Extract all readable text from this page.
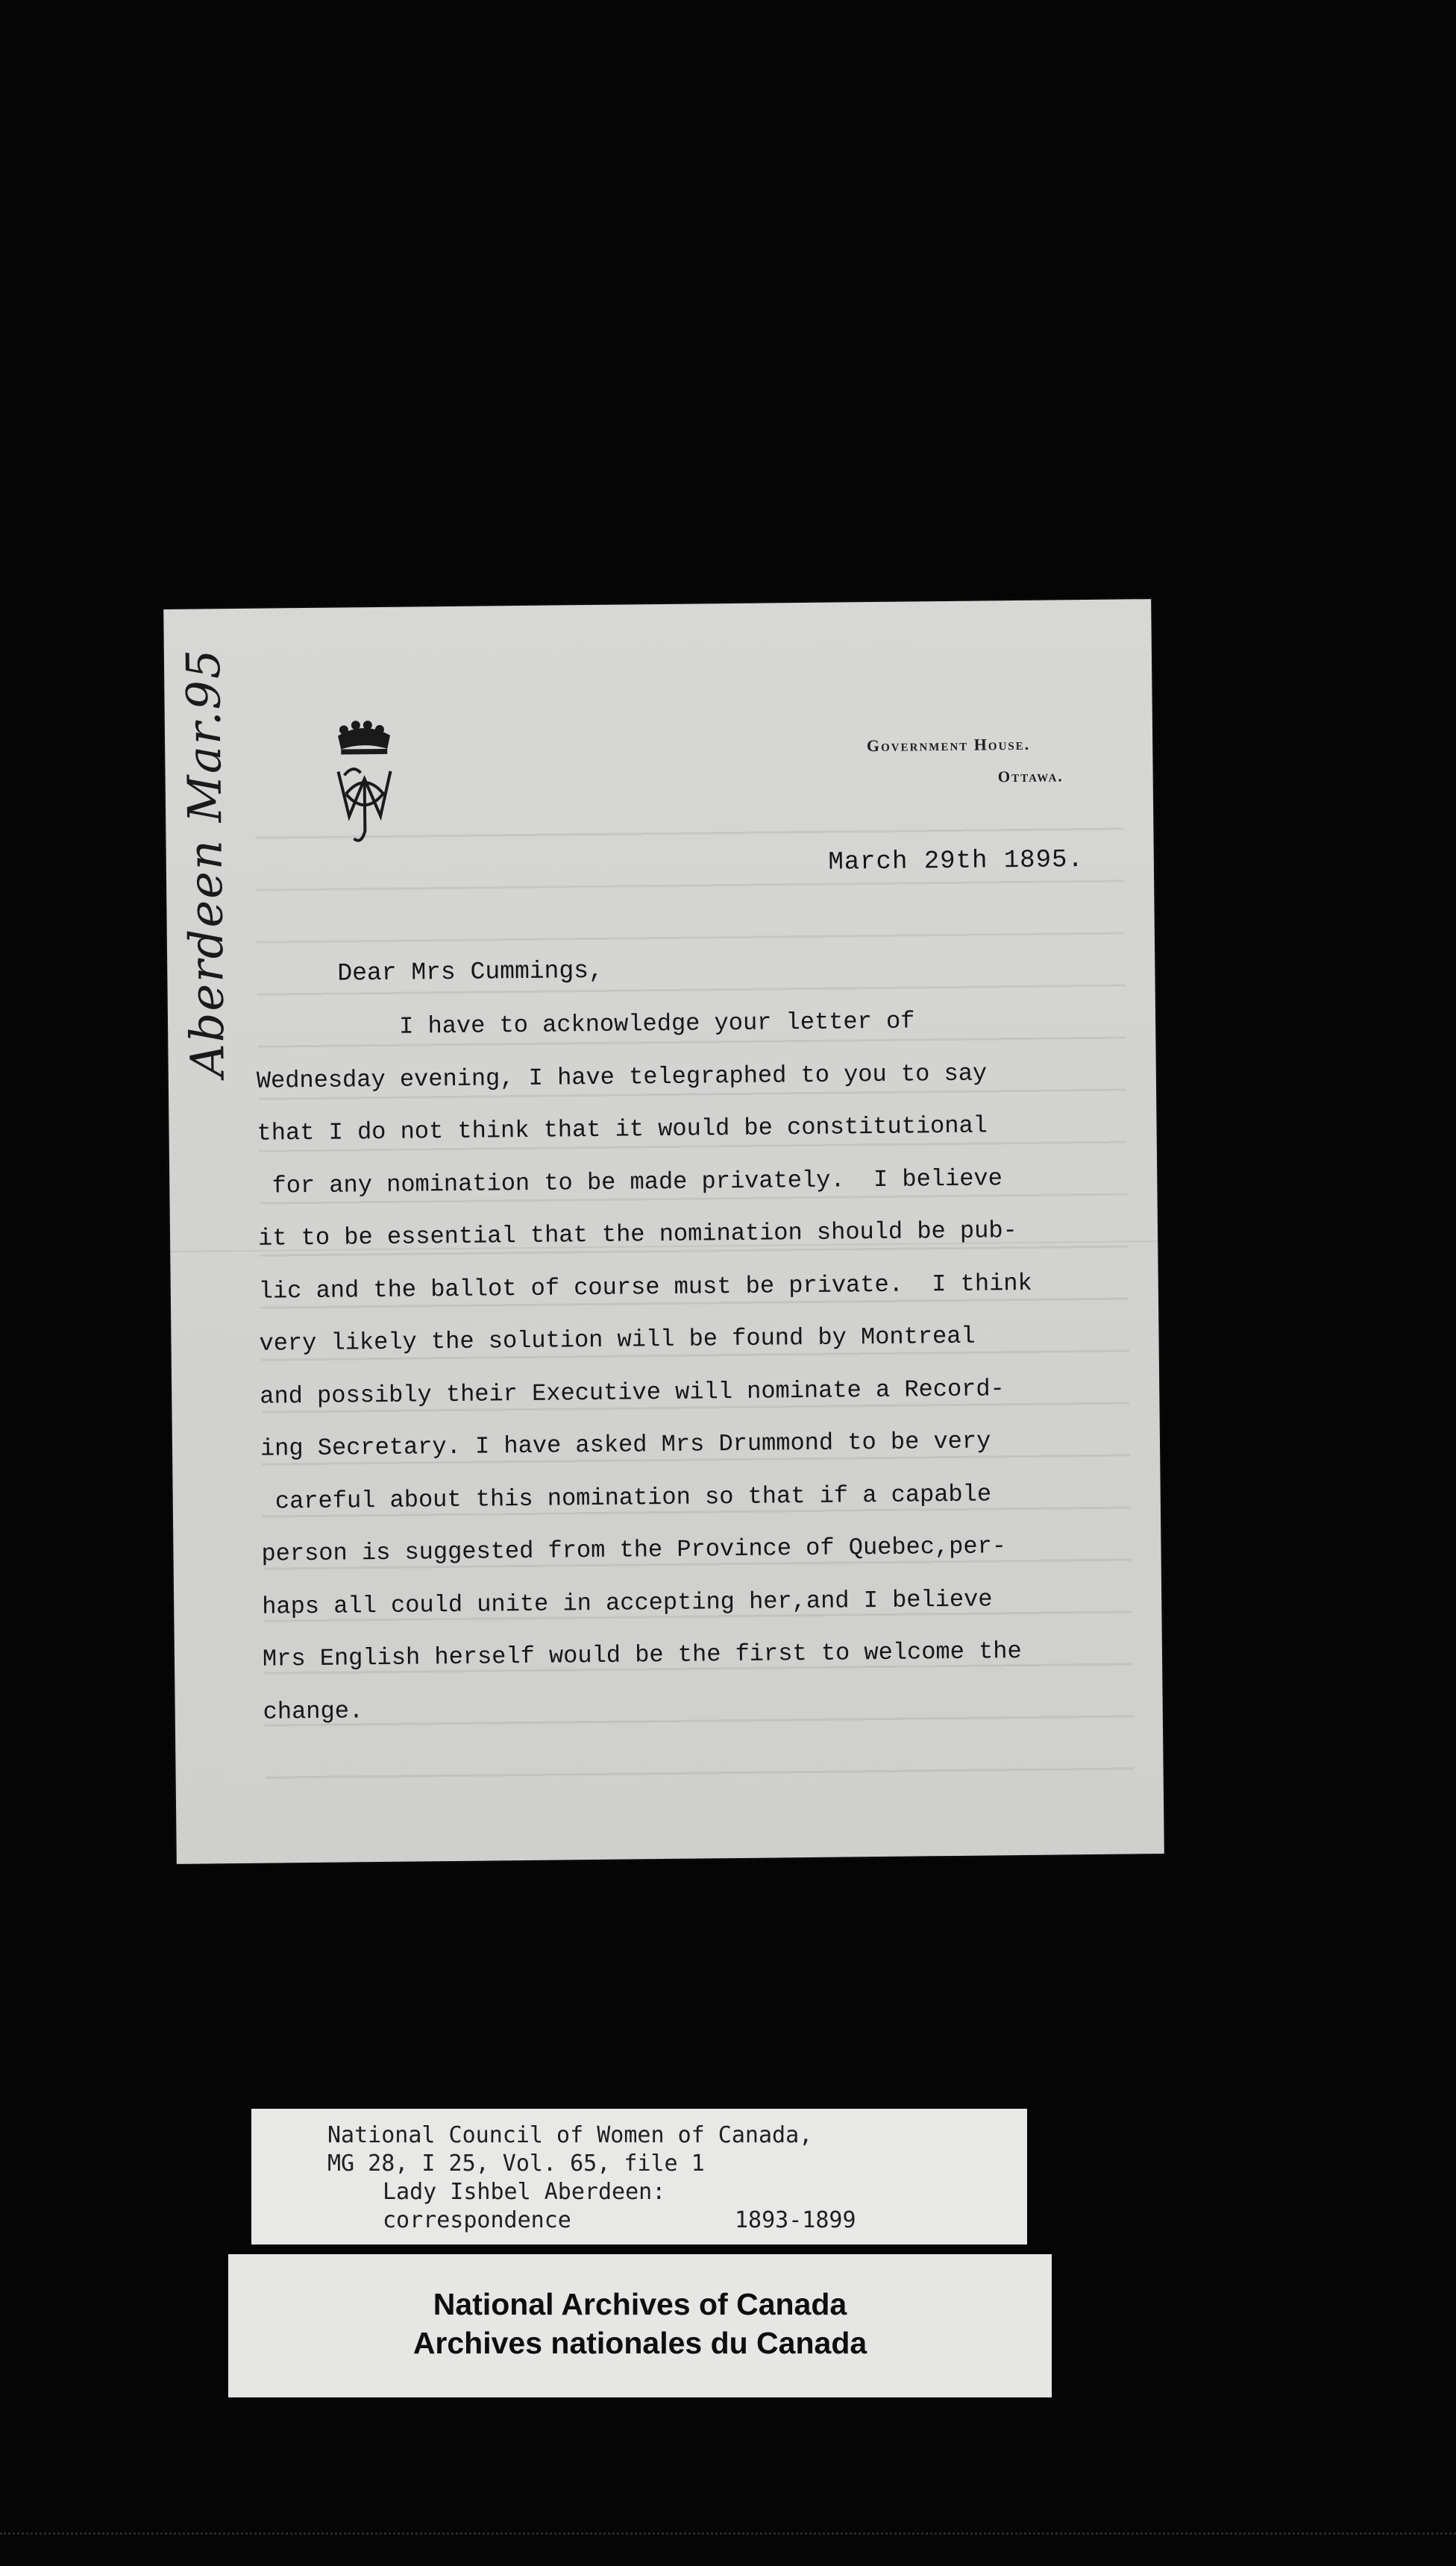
Aberdeen Mar.95	Government House.
Ottawa.
March 29th 1895.
Dear Mrs Cummings,
I have to acknowledge your letter of
Wednesday evening, I have telegraphed to you to say
that I do not think that it would be constitutional
for any nomination to be made privately.  I believe
it to be essential that the nomination should be pub-
lic and the ballot of course must be private.  I think
very likely the solution will be found by Montreal
and possibly their Executive will nominate a Record-
ing Secretary. I have asked Mrs Drummond to be very
careful about this nomination so that if a capable
person is suggested from the Province of Quebec,per-
haps all could unite in accepting her,and I believe
Mrs English herself would be the first to welcome the
change.
National Council of Women of Canada,
MG 28, I 25, Vol. 65, file 1
Lady Ishbel Aberdeen:
correspondence	1893-1899
National Archives of Canada
Archives nationales du Canada
